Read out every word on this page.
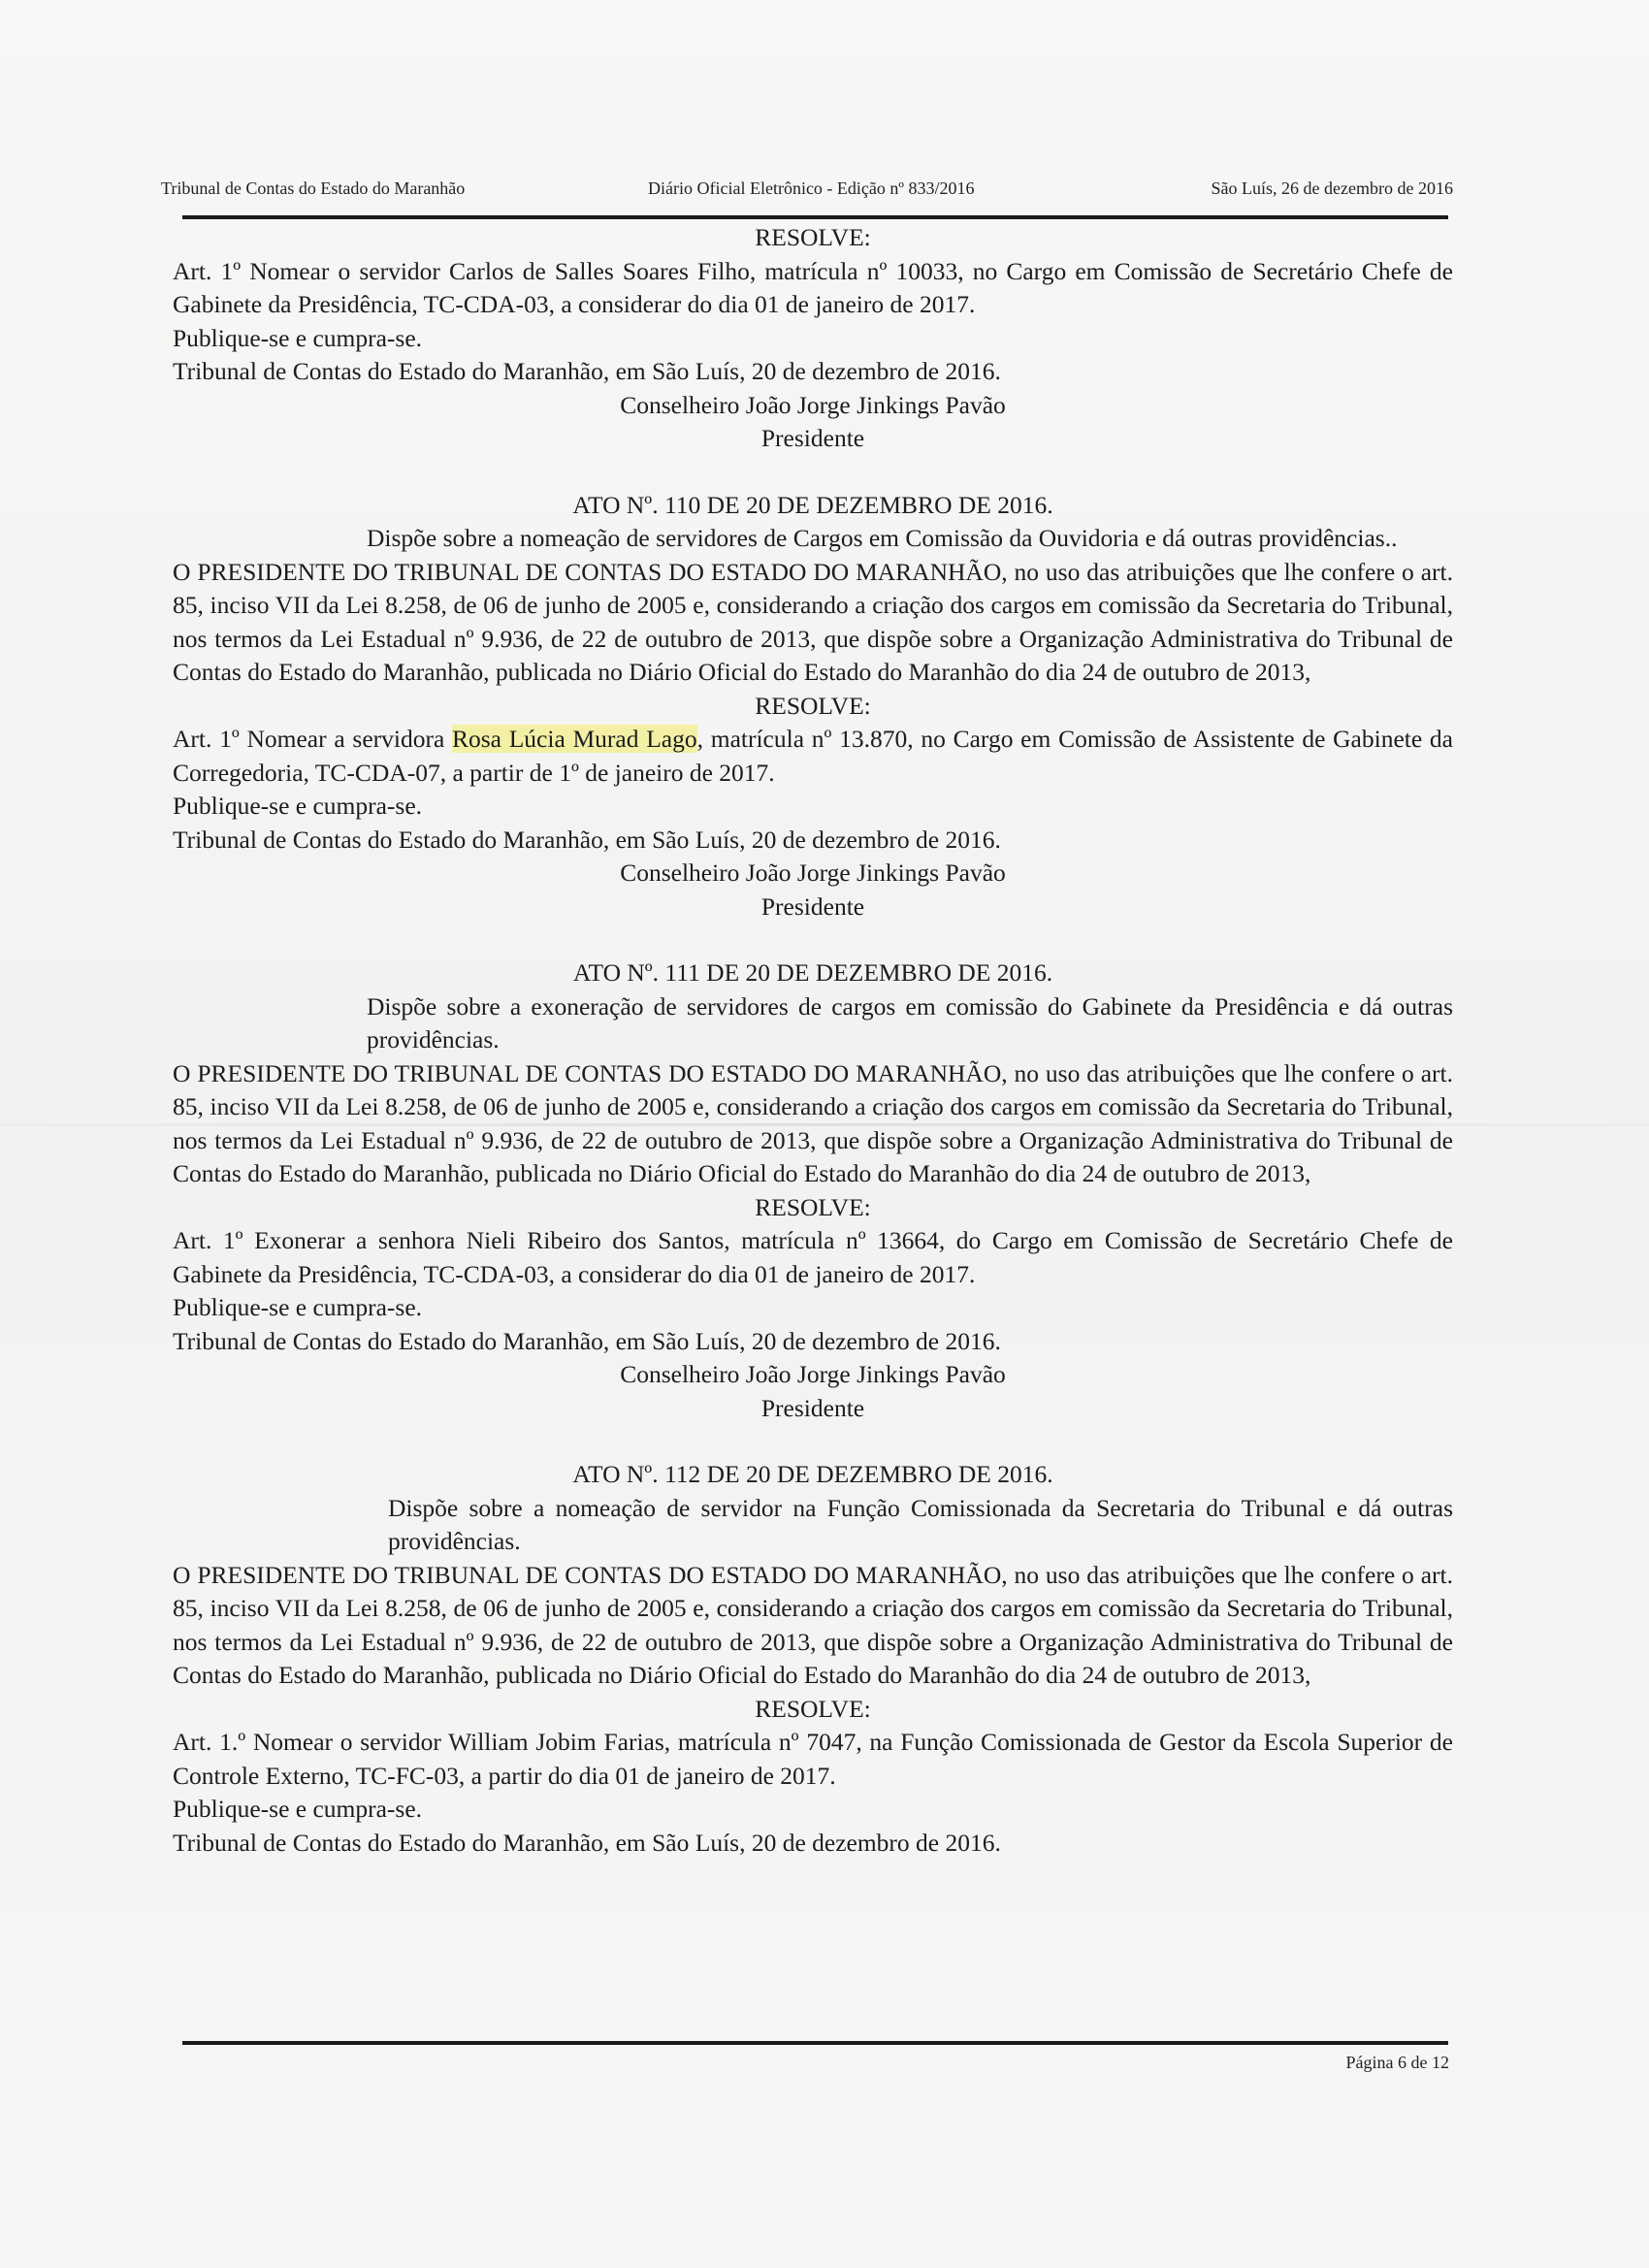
Tribunal de Contas do Estado do Maranhão	Diário Oficial Eletrônico - Edição nº 833/2016	São Luís, 26 de dezembro de 2016

RESOLVE:

Art. 1º Nomear o servidor Carlos de Salles Soares Filho, matrícula nº 10033, no Cargo em Comissão de Secretário Chefe de Gabinete da Presidência, TC-CDA-03, a considerar do dia 01 de janeiro de 2017.

Publique-se e cumpra-se.

Tribunal de Contas do Estado do Maranhão, em São Luís, 20 de dezembro de 2016.

Conselheiro João Jorge Jinkings Pavão

Presidente

ATO Nº. 110 DE 20 DE DEZEMBRO DE 2016.

Dispõe sobre a nomeação de servidores de Cargos em Comissão da Ouvidoria e dá outras providências..

O PRESIDENTE DO TRIBUNAL DE CONTAS DO ESTADO DO MARANHÃO, no uso das atribuições que lhe confere o art. 85, inciso VII da Lei 8.258, de 06 de junho de 2005 e, considerando a criação dos cargos em comissão da Secretaria do Tribunal, nos termos da Lei Estadual nº 9.936, de 22 de outubro de 2013, que dispõe sobre a Organização Administrativa do Tribunal de Contas do Estado do Maranhão, publicada no Diário Oficial do Estado do Maranhão do dia 24 de outubro de 2013,

RESOLVE:

Art. 1º Nomear a servidora Rosa Lúcia Murad Lago, matrícula nº 13.870, no Cargo em Comissão de Assistente de Gabinete da Corregedoria, TC-CDA-07, a partir de 1º de janeiro de 2017.

Publique-se e cumpra-se.

Tribunal de Contas do Estado do Maranhão, em São Luís, 20 de dezembro de 2016.

Conselheiro João Jorge Jinkings Pavão

Presidente

ATO Nº. 111 DE 20 DE DEZEMBRO DE 2016.

Dispõe sobre a exoneração de servidores de cargos em comissão do Gabinete da Presidência e dá outras providências.

O PRESIDENTE DO TRIBUNAL DE CONTAS DO ESTADO DO MARANHÃO, no uso das atribuições que lhe confere o art. 85, inciso VII da Lei 8.258, de 06 de junho de 2005 e, considerando a criação dos cargos em comissão da Secretaria do Tribunal, nos termos da Lei Estadual nº 9.936, de 22 de outubro de 2013, que dispõe sobre a Organização Administrativa do Tribunal de Contas do Estado do Maranhão, publicada no Diário Oficial do Estado do Maranhão do dia 24 de outubro de 2013,

RESOLVE:

Art. 1º Exonerar a senhora Nieli Ribeiro dos Santos, matrícula nº 13664, do Cargo em Comissão de Secretário Chefe de Gabinete da Presidência, TC-CDA-03, a considerar do dia 01 de janeiro de 2017.

Publique-se e cumpra-se.

Tribunal de Contas do Estado do Maranhão, em São Luís, 20 de dezembro de 2016.

Conselheiro João Jorge Jinkings Pavão

Presidente

ATO Nº. 112 DE 20 DE DEZEMBRO DE 2016.

Dispõe sobre a nomeação de servidor na Função Comissionada da Secretaria do Tribunal e dá outras providências.

O PRESIDENTE DO TRIBUNAL DE CONTAS DO ESTADO DO MARANHÃO, no uso das atribuições que lhe confere o art. 85, inciso VII da Lei 8.258, de 06 de junho de 2005 e, considerando a criação dos cargos em comissão da Secretaria do Tribunal, nos termos da Lei Estadual nº 9.936, de 22 de outubro de 2013, que dispõe sobre a Organização Administrativa do Tribunal de Contas do Estado do Maranhão, publicada no Diário Oficial do Estado do Maranhão do dia 24 de outubro de 2013,

RESOLVE:

Art. 1.º Nomear o servidor William Jobim Farias, matrícula nº 7047, na Função Comissionada de Gestor da Escola Superior de Controle Externo, TC-FC-03, a partir do dia 01 de janeiro de 2017.

Publique-se e cumpra-se.

Tribunal de Contas do Estado do Maranhão, em São Luís, 20 de dezembro de 2016.

Página 6 de 12
